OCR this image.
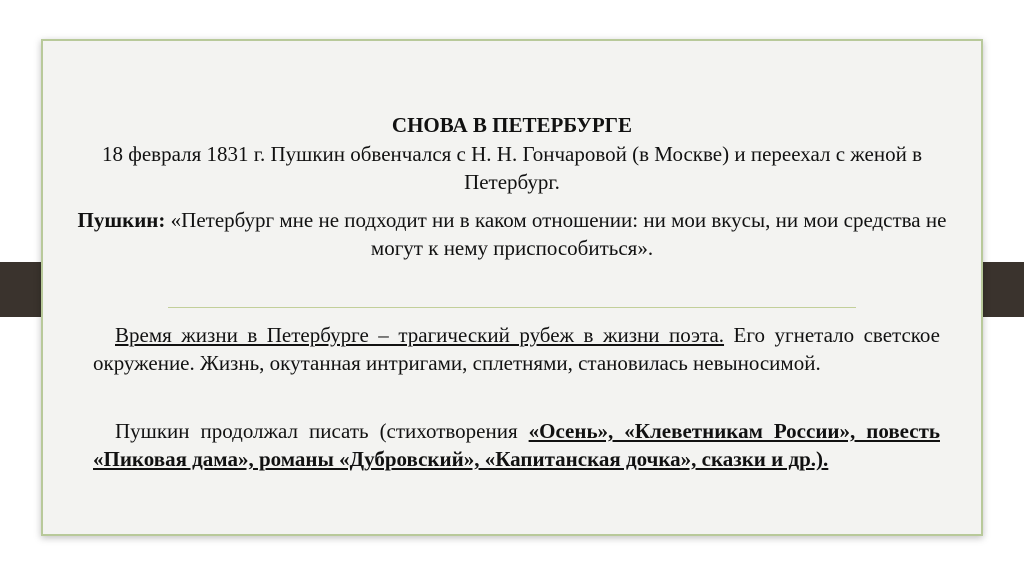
СНОВА В ПЕТЕРБУРГЕ
18 февраля 1831 г. Пушкин обвенчался с Н. Н. Гончаровой (в Москве) и переехал с женой в Петербург.
Пушкин: «Петербург мне не подходит ни в каком отношении: ни мои вкусы, ни мои средства не могут к нему приспособиться».
Время жизни в Петербурге – трагический рубеж в жизни поэта. Его угнетало светское окружение. Жизнь, окутанная интригами, сплетнями, становилась невыносимой.
Пушкин продолжал писать (стихотворения «Осень», «Клеветникам России», повесть «Пиковая дама», романы «Дубровский», «Капитанская дочка», сказки и др.).
